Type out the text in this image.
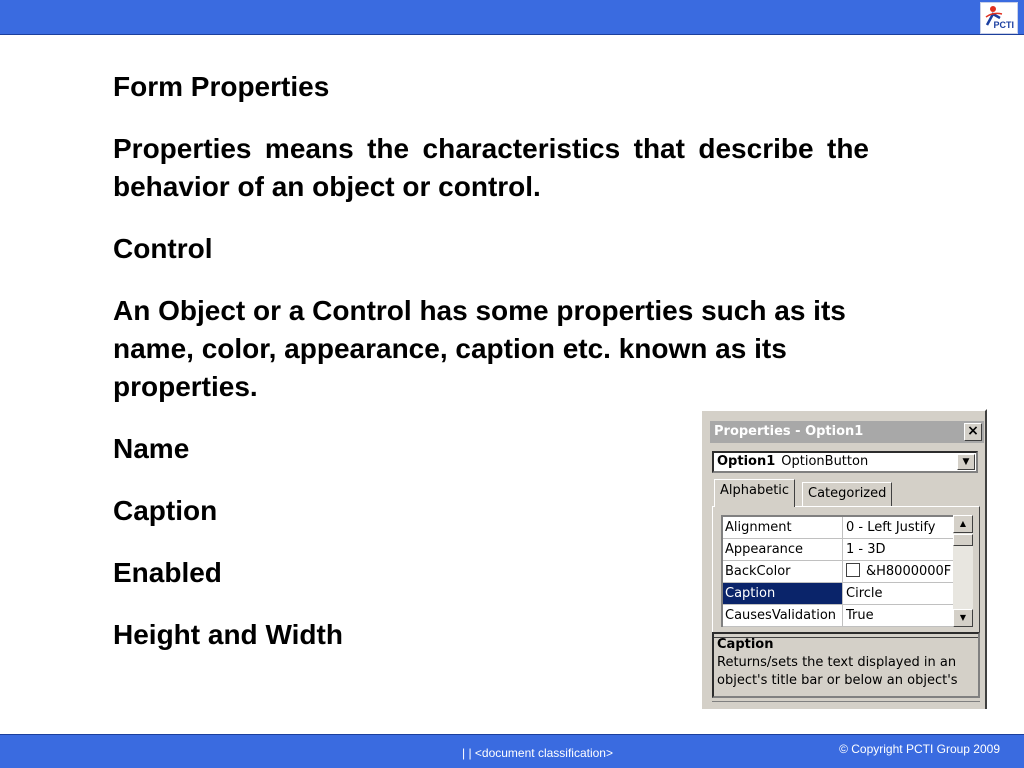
PCTI

Form Properties

Properties means the characteristics that describe the behavior of an object or control.

Control

An Object or a Control has some properties such as its name, color, appearance, caption etc. known as its properties.

Name

Caption

Enabled

Height and Width

Properties - Option1	×
Option1 OptionButton	▼
Alphabetic	Categorized
Alignment	0 - Left Justify
Appearance	1 - 3D
BackColor	&H8000000F
Caption	Circle
CausesValidation True
▲
▼
Caption
Returns/sets the text displayed in an object's title bar or below an object's
| | <document classification>	© Copyright PCTI Group 2009
